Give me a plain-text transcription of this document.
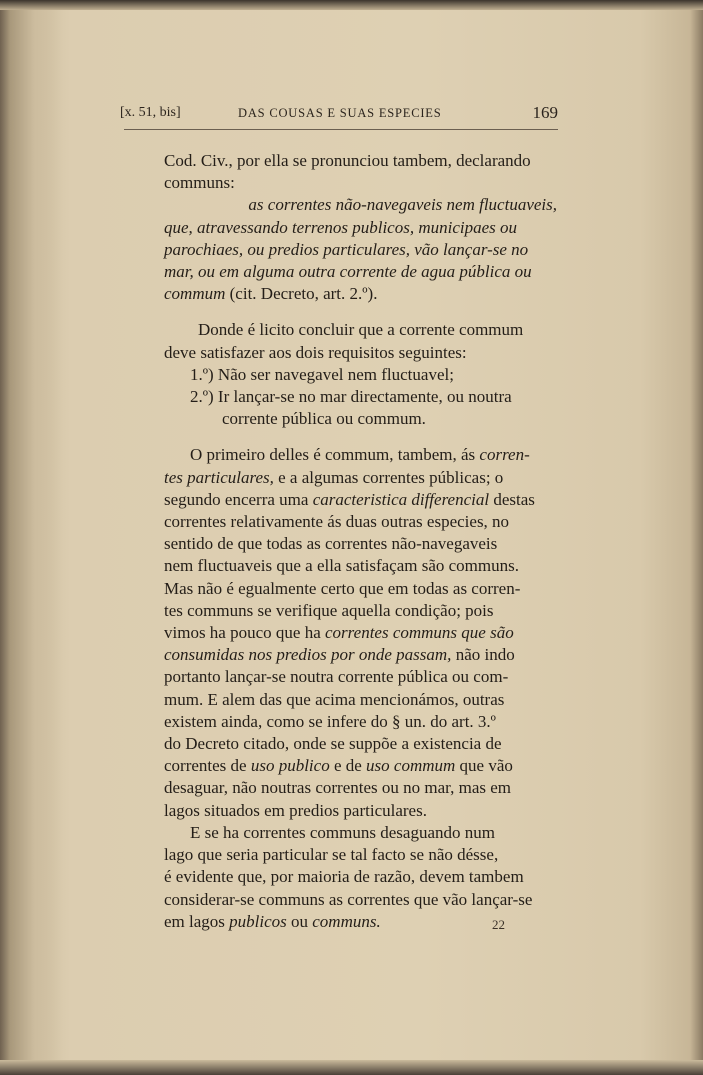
[x. 51, bis]	DAS COUSAS E SUAS ESPECIES	169
Cod. Civ., por ella se pronunciou tambem, declarando
communs:
as correntes não-navegaveis nem fluctuaveis,
que, atravessando terrenos publicos, municipaes ou
parochiaes, ou predios particulares, vão lançar-se no
mar, ou em alguma outra corrente de agua pública ou
commum (cit. Decreto, art. 2.º).
Donde é licito concluir que a corrente commum
deve satisfazer aos dois requisitos seguintes:
1.º) Não ser navegavel nem fluctuavel;
2.º) Ir lançar-se no mar directamente, ou noutra
corrente pública ou commum.
O primeiro delles é commum, tambem, ás corren-
tes particulares, e a algumas correntes públicas; o
segundo encerra uma caracteristica differencial destas
correntes relativamente ás duas outras especies, no
sentido de que todas as correntes não-navegaveis
nem fluctuaveis que a ella satisfaçam são communs.
Mas não é egualmente certo que em todas as corren-
tes communs se verifique aquella condição; pois
vimos ha pouco que ha correntes communs que são
consumidas nos predios por onde passam, não indo
portanto lançar-se noutra corrente pública ou com-
mum. E alem das que acima mencionámos, outras
existem ainda, como se infere do § un. do art. 3.º
do Decreto citado, onde se suppõe a existencia de
correntes de uso publico e de uso commum que vão
desaguar, não noutras correntes ou no mar, mas em
lagos situados em predios particulares.
E se ha correntes communs desaguando num
lago que seria particular se tal facto se não désse,
é evidente que, por maioria de razão, devem tambem
considerar-se communs as correntes que vão lançar-se
em lagos publicos ou communs.	22
